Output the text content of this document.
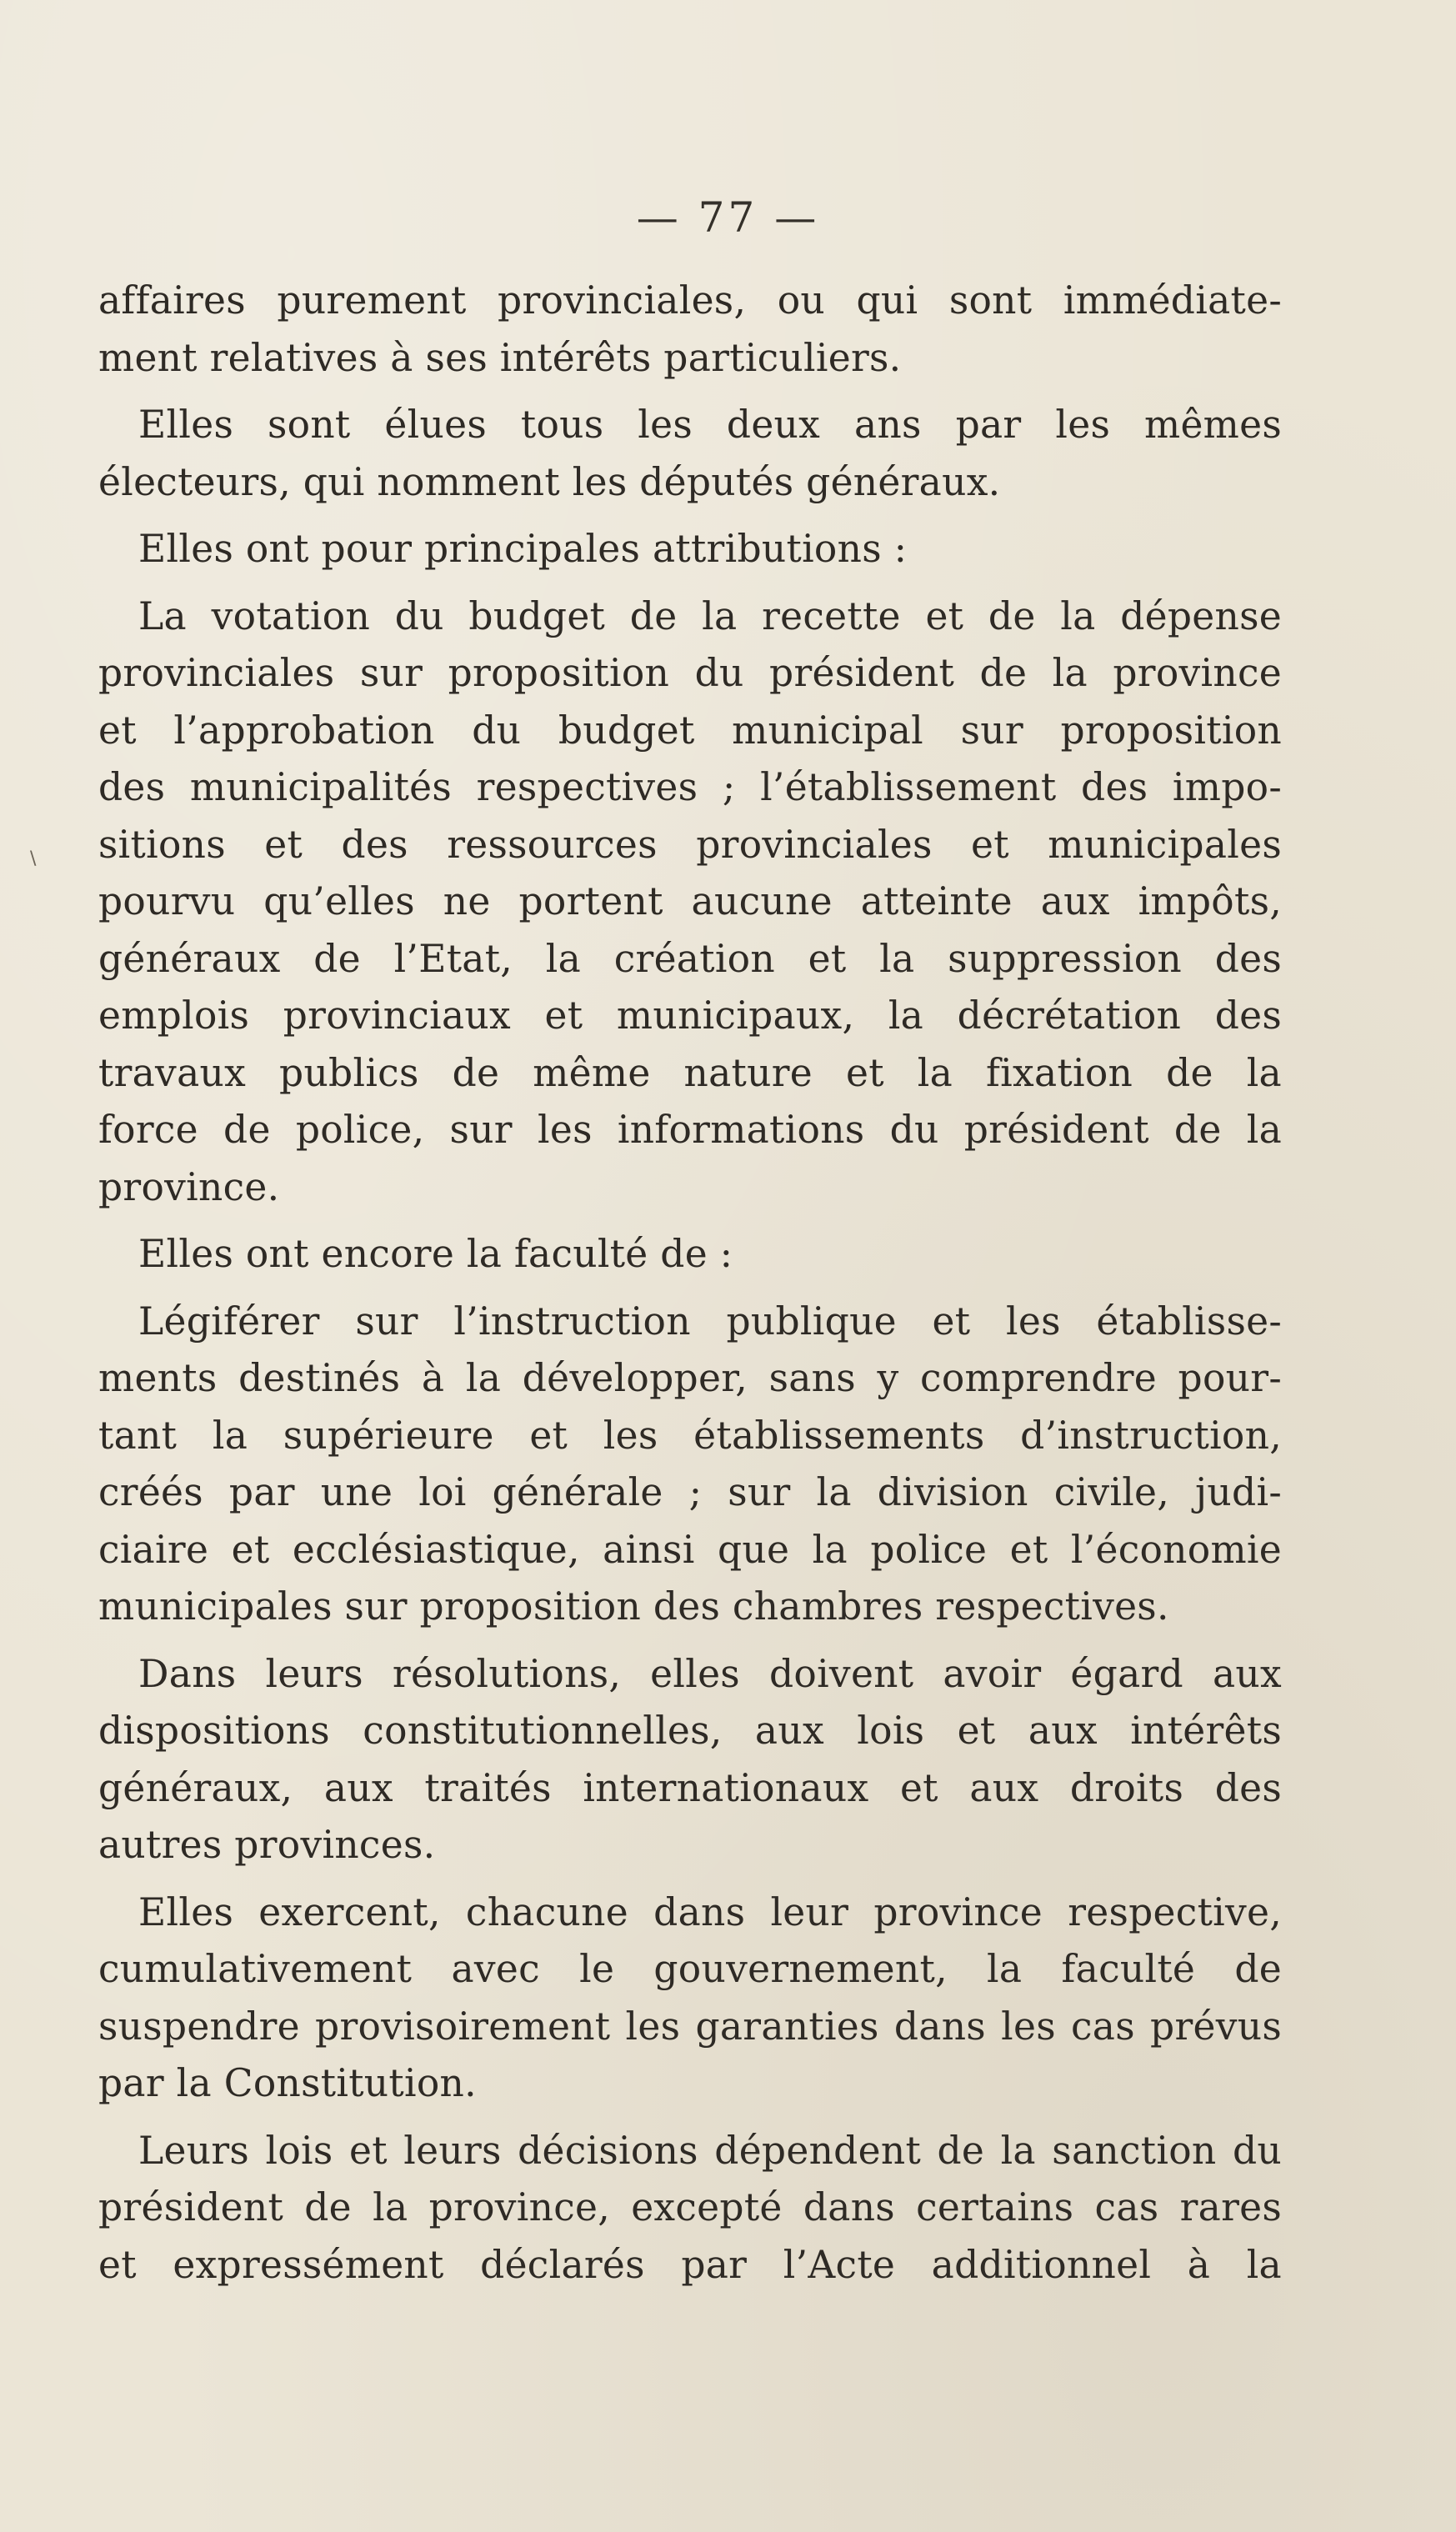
— 77 —
\

affaires purement provinciales, ou qui sont immédiate-
ment relatives à ses intérêts particuliers.

Elles sont élues tous les deux ans par les mêmes
électeurs, qui nomment les députés généraux.

Elles ont pour principales attributions :

La votation du budget de la recette et de la dépense
provinciales sur proposition du président de la province
et l’approbation du budget municipal sur proposition
des municipalités respectives ; l’établissement des impo-
sitions et des ressources provinciales et municipales
pourvu qu’elles ne portent aucune atteinte aux impôts,
généraux de l’Etat, la création et la suppression des
emplois provinciaux et municipaux, la décrétation des
travaux publics de même nature et la fixation de la
force de police, sur les informations du président de la
province.

Elles ont encore la faculté de :

Légiférer sur l’instruction publique et les établisse-
ments destinés à la développer, sans y comprendre pour-
tant la supérieure et les établissements d’instruction,
créés par une loi générale ; sur la division civile, judi-
ciaire et ecclésiastique, ainsi que la police et l’économie
municipales sur proposition des chambres respectives.

Dans leurs résolutions, elles doivent avoir égard aux
dispositions constitutionnelles, aux lois et aux intérêts
généraux, aux traités internationaux et aux droits des
autres provinces.

Elles exercent, chacune dans leur province respective,
cumulativement avec le gouvernement, la faculté de
suspendre provisoirement les garanties dans les cas prévus
par la Constitution.

Leurs lois et leurs décisions dépendent de la sanction du
président de la province, excepté dans certains cas rares
et expressément déclarés par l’Acte additionnel à la
